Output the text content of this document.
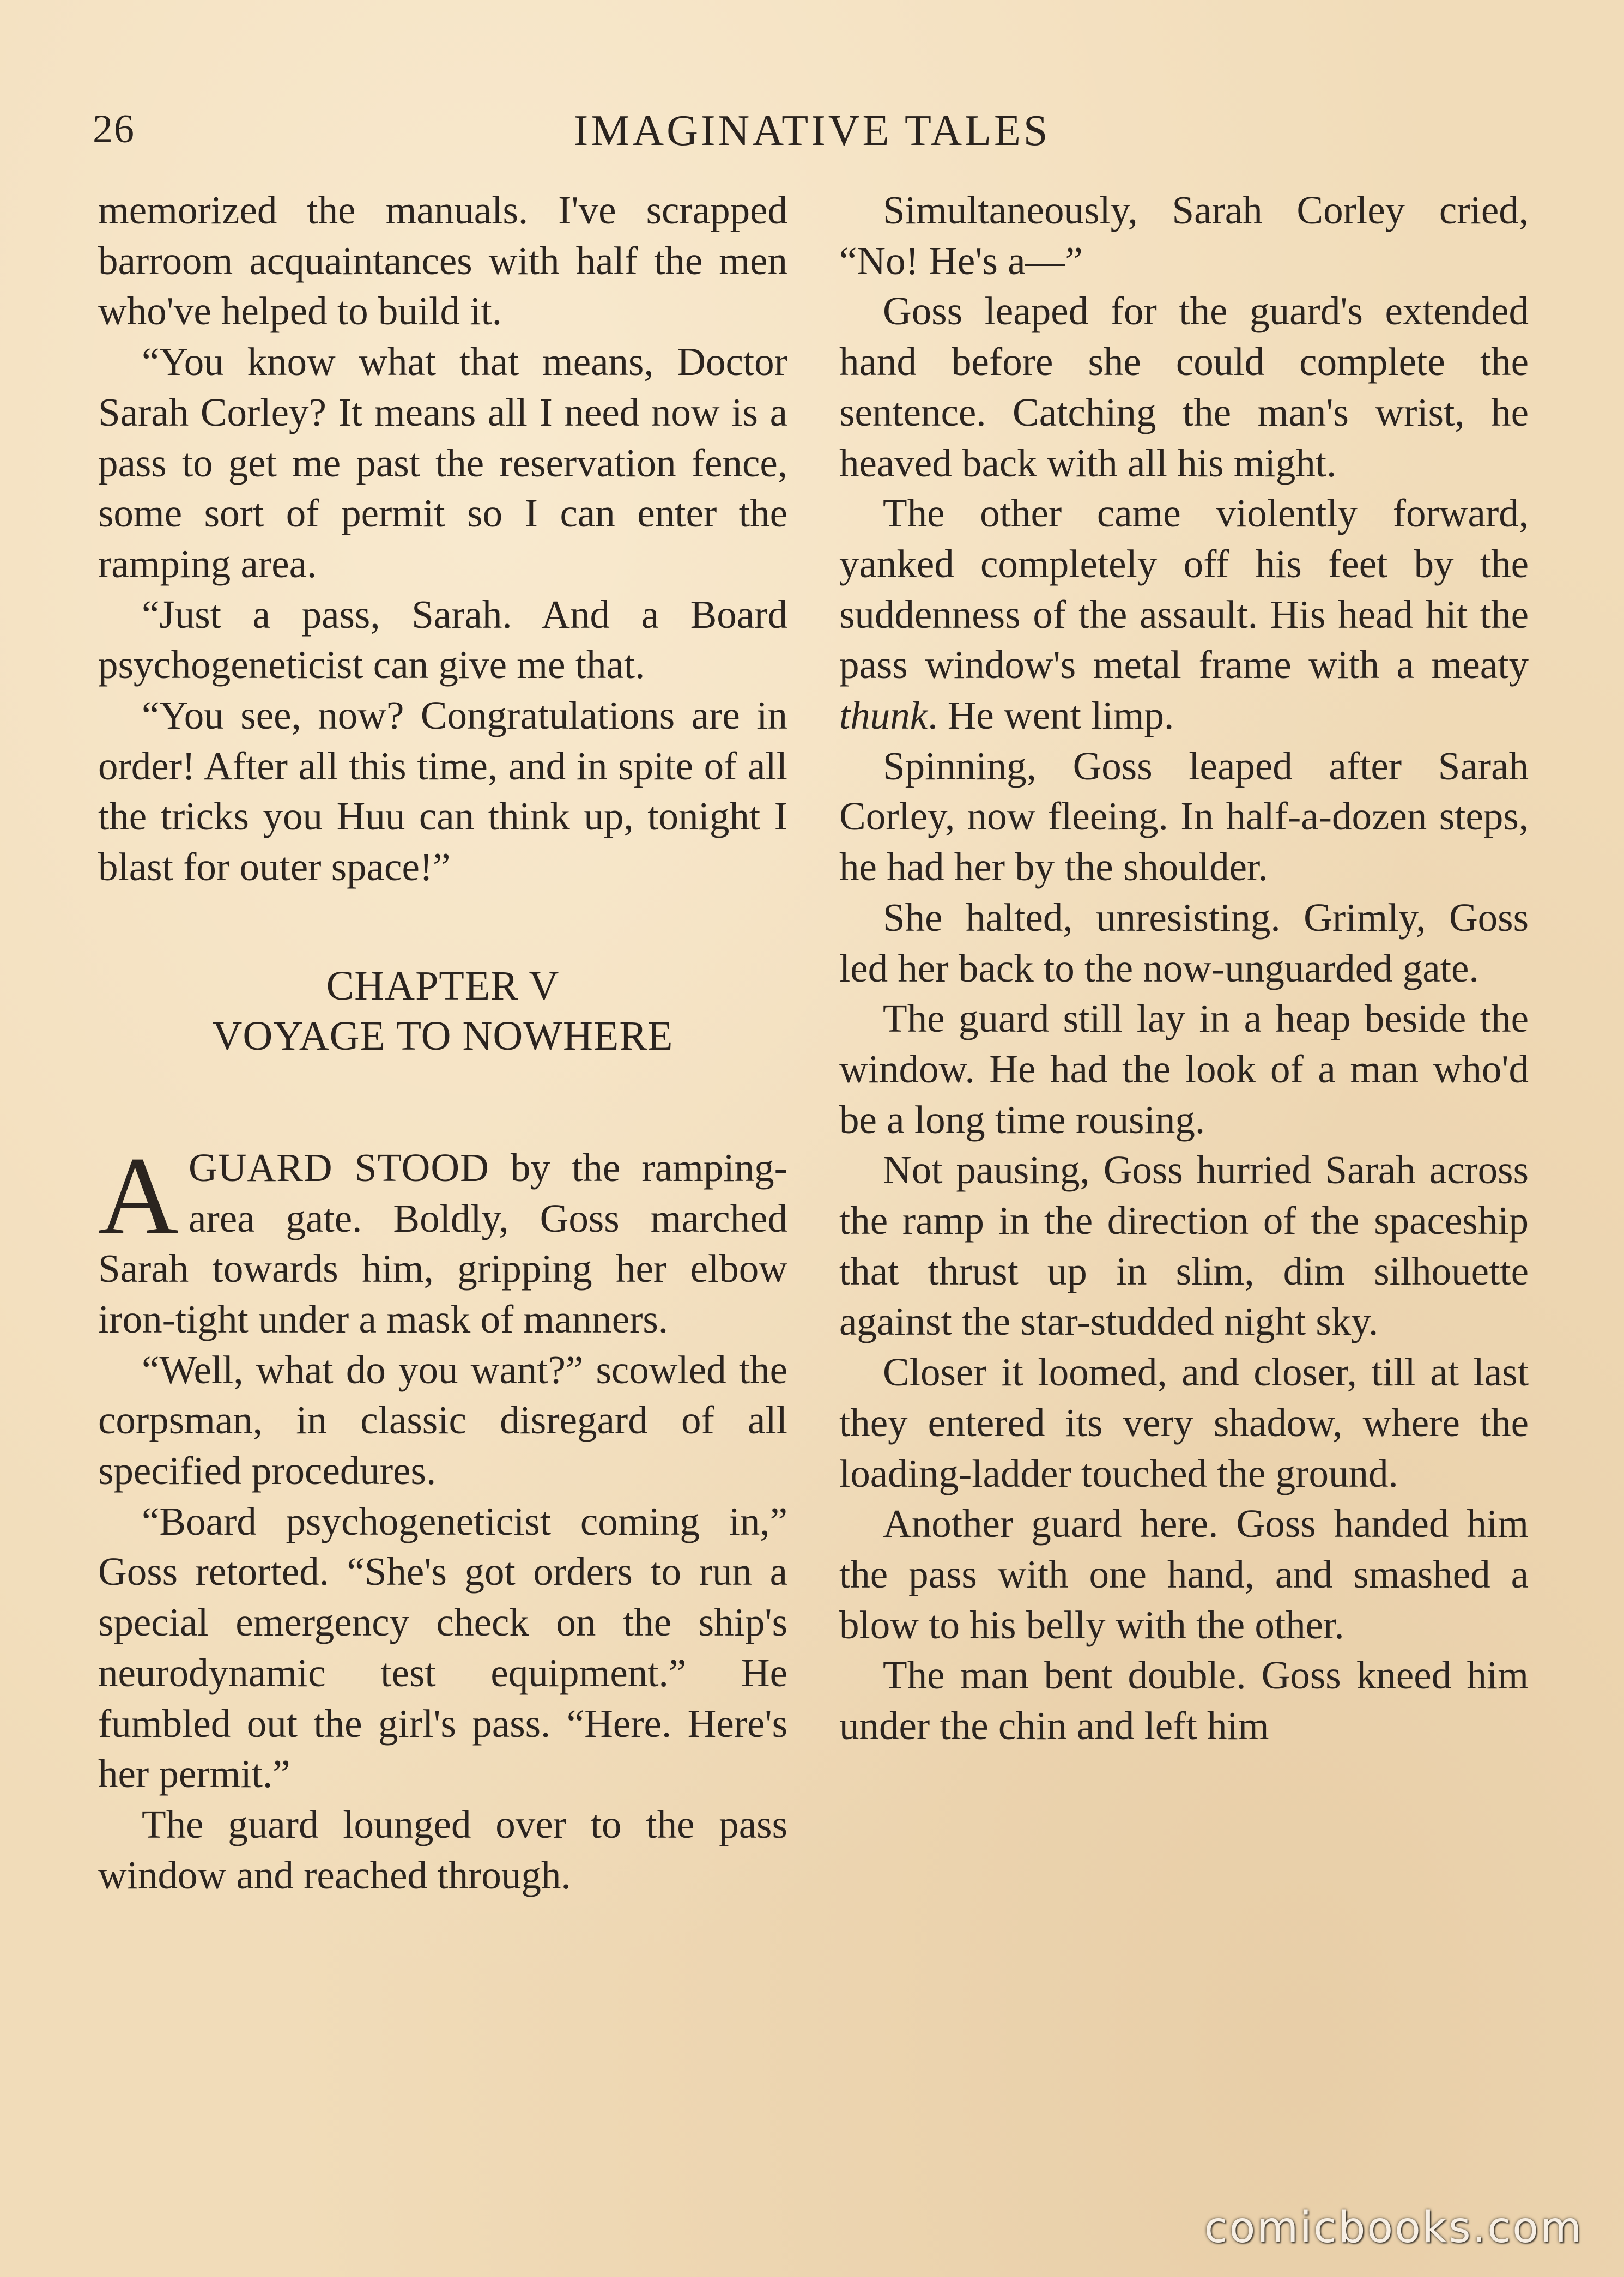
26	IMAGINATIVE TALES

memorized the manuals. I've scrapped barroom acquaintances with half the men who've helped to build it.

“You know what that means, Doctor Sarah Corley? It means all I need now is a pass to get me past the reservation fence, some sort of permit so I can enter the ramping area.

“Just a pass, Sarah. And a Board psychogeneticist can give me that.

“You see, now? Congratulations are in order! After all this time, and in spite of all the tricks you Huu can think up, tonight I blast for outer space!”

CHAPTER V
VOYAGE TO NOWHERE

A GUARD STOOD by the ramping-area gate. Boldly, Goss marched Sarah towards him, gripping her elbow iron-tight under a mask of manners.

“Well, what do you want?” scowled the corpsman, in classic disregard of all specified procedures.

“Board psychogeneticist coming in,” Goss retorted. “She's got orders to run a special emergency check on the ship's neurodynamic test equipment.” He fumbled out the girl's pass. “Here. Here's her permit.”

The guard lounged over to the pass window and reached through.

Simultaneously, Sarah Corley cried, “No! He's a—”

Goss leaped for the guard's extended hand before she could complete the sentence. Catching the man's wrist, he heaved back with all his might.

The other came violently forward, yanked completely off his feet by the suddenness of the assault. His head hit the pass window's metal frame with a meaty thunk. He went limp.

Spinning, Goss leaped after Sarah Corley, now fleeing. In half-a-dozen steps, he had her by the shoulder.

She halted, unresisting. Grimly, Goss led her back to the now-unguarded gate.

The guard still lay in a heap beside the window. He had the look of a man who'd be a long time rousing.

Not pausing, Goss hurried Sarah across the ramp in the direction of the spaceship that thrust up in slim, dim silhouette against the star-studded night sky.

Closer it loomed, and closer, till at last they entered its very shadow, where the loading-ladder touched the ground.

Another guard here. Goss handed him the pass with one hand, and smashed a blow to his belly with the other.

The man bent double. Goss kneed him under the chin and left him

comicbooks.com
